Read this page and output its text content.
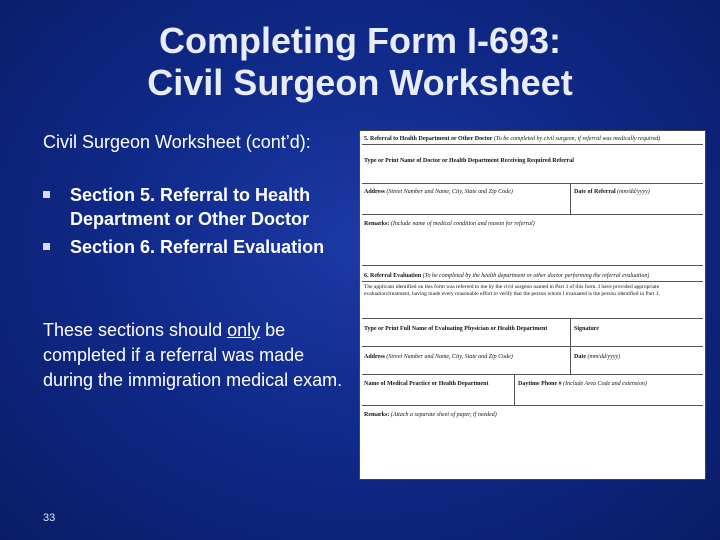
Completing Form I-693:
Civil Surgeon Worksheet
Civil Surgeon Worksheet (cont’d):
Section 5. Referral to Health Department or Other Doctor
Section 6. Referral Evaluation
These sections should only be completed if a referral was made during the immigration medical exam.
33
5. Referral to Health Department or Other Doctor (To be completed by civil surgeon, if referral was medically required)
Type or Print Name of Doctor or Health Department Receiving Required Referral
Address (Street Number and Name, City, State and Zip Code)	Date of Referral (mm/dd/yyyy)
Remarks: (Include name of medical condition and reason for referral)
6. Referral Evaluation (To be completed by the health department or other doctor performing the referral evaluation)
The applicant identified on this form was referred to me by the civil surgeon named in Part 3 of this form. I have provided appropriate evaluation/treatment, having made every reasonable effort to verify that the person whom I evaluated is the person identified in Part 1.
Type or Print Full Name of Evaluating Physician or Health Department	Signature
Address (Street Number and Name, City, State and Zip Code)	Date (mm/dd/yyyy)
Name of Medical Practice or Health Department	Daytime Phone # (Include Area Code and extension)
Remarks: (Attach a separate sheet of paper, if needed)
